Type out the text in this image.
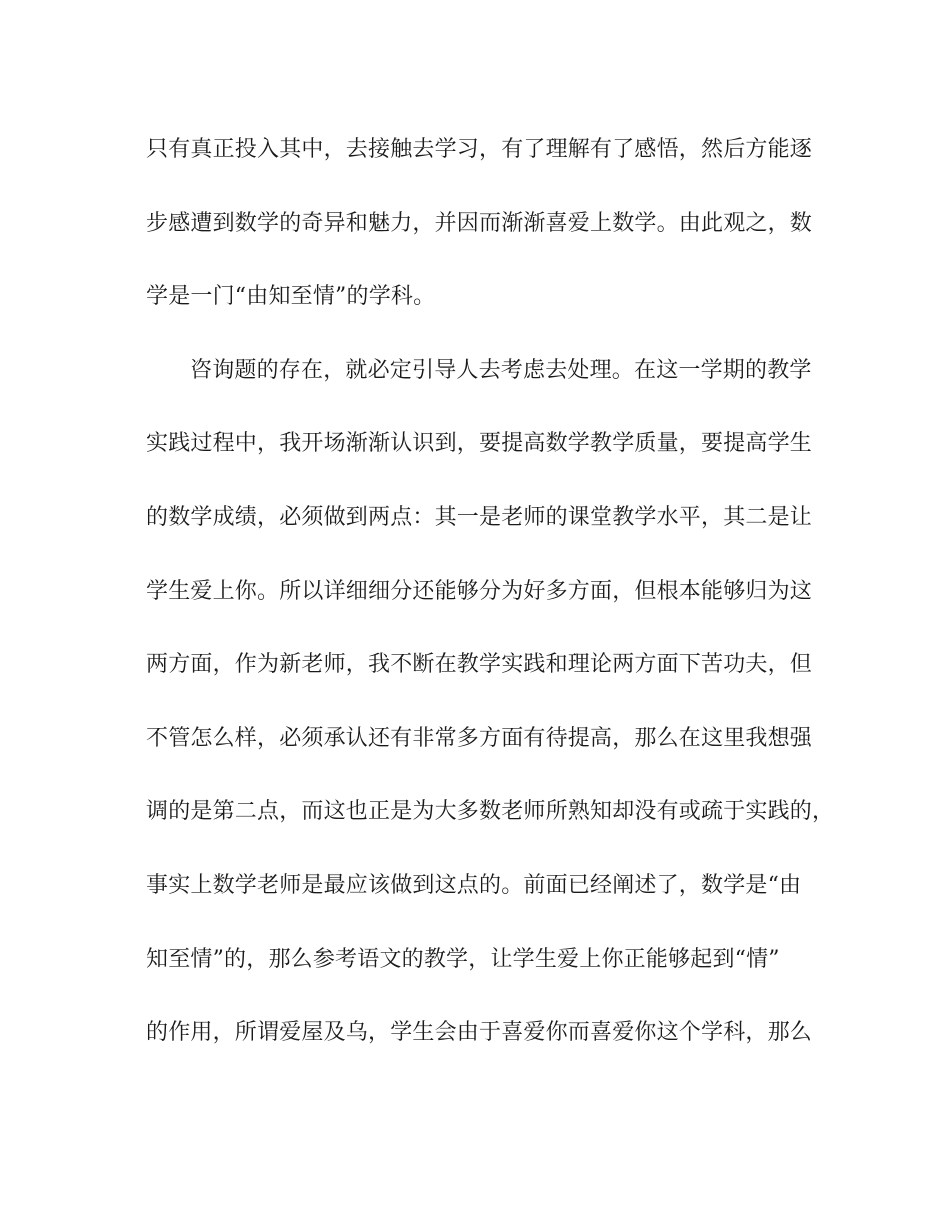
只有真正投入其中，去接触去学习，有了理解有了感悟，然后方能逐
步感遭到数学的奇异和魅力，并因而渐渐喜爱上数学。由此观之，数
学是一门“由知至情”的学科。
咨询题的存在，就必定引导人去考虑去处理。在这一学期的教学
实践过程中，我开场渐渐认识到，要提高数学教学质量，要提高学生
的数学成绩，必须做到两点：其一是老师的课堂教学水平，其二是让
学生爱上你。所以详细细分还能够分为好多方面，但根本能够归为这
两方面，作为新老师，我不断在教学实践和理论两方面下苦功夫，但
不管怎么样，必须承认还有非常多方面有待提高，那么在这里我想强
调的是第二点，而这也正是为大多数老师所熟知却没有或疏于实践的，
事实上数学老师是最应该做到这点的。前面已经阐述了，数学是“由
知至情”的，那么参考语文的教学，让学生爱上你正能够起到“情”
的作用，所谓爱屋及乌，学生会由于喜爱你而喜爱你这个学科，那么
